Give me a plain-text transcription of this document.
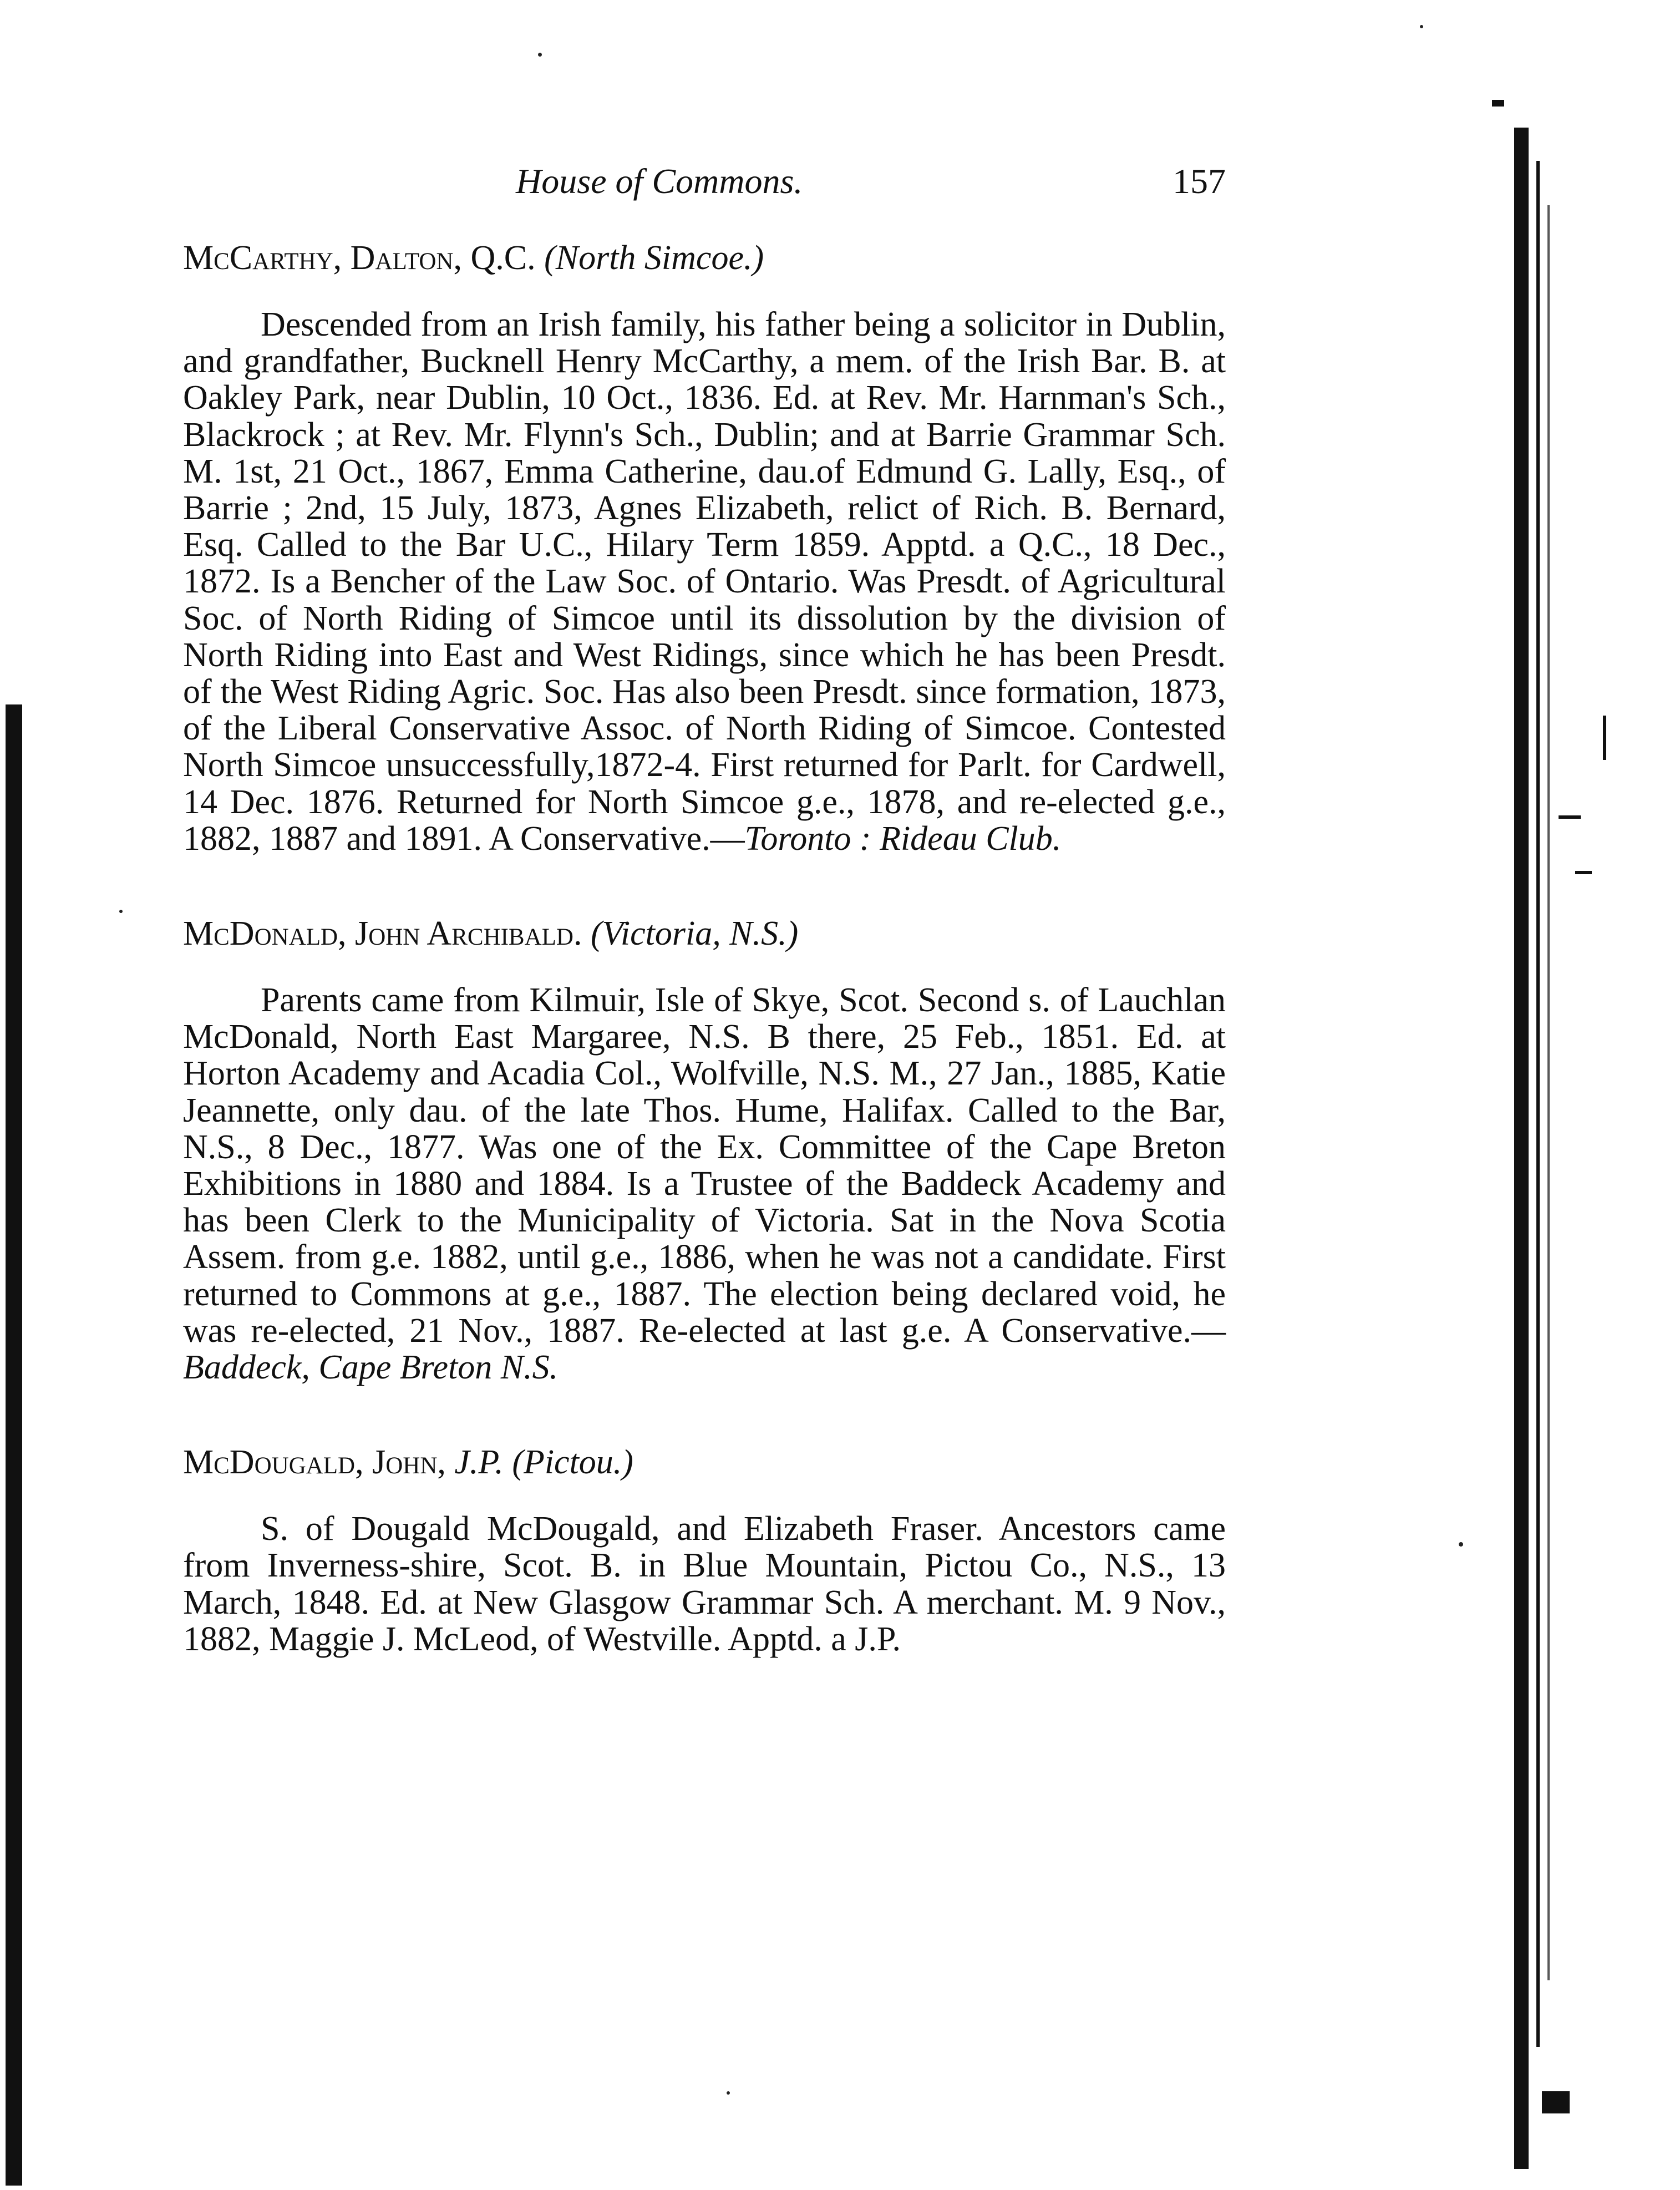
House of Commons.	157
McCarthy, Dalton, Q.C. (North Simcoe.)

Descended from an Irish family, his father being a solicitor in Dublin, and grandfather, Bucknell Henry McCarthy, a mem. of the Irish Bar. B. at Oakley Park, near Dublin, 10 Oct., 1836. Ed. at Rev. Mr. Harnman's Sch., Blackrock ; at Rev. Mr. Flynn's Sch., Dublin; and at Barrie Grammar Sch. M. 1st, 21 Oct., 1867, Emma Catherine, dau.of Edmund G. Lally, Esq., of Barrie ; 2nd, 15 July, 1873, Agnes Elizabeth, relict of Rich. B. Bernard, Esq. Called to the Bar U.C., Hilary Term 1859. Apptd. a Q.C., 18 Dec., 1872. Is a Bencher of the Law Soc. of Ontario. Was Presdt. of Agricultural Soc. of North Riding of Simcoe until its dissolution by the division of North Riding into East and West Ridings, since which he has been Presdt. of the West Riding Agric. Soc. Has also been Presdt. since formation, 1873, of the Liberal Conservative Assoc. of North Riding of Simcoe. Contested North Simcoe unsuccessfully,1872-4. First returned for Parlt. for Cardwell, 14 Dec. 1876. Returned for North Simcoe g.e., 1878, and re-elected g.e., 1882, 1887 and 1891. A Conservative.—Toronto : Rideau Club.

McDonald, John Archibald. (Victoria, N.S.)

Parents came from Kilmuir, Isle of Skye, Scot. Second s. of Lauchlan McDonald, North East Margaree, N.S. B there, 25 Feb., 1851. Ed. at Horton Academy and Acadia Col., Wolfville, N.S. M., 27 Jan., 1885, Katie Jeannette, only dau. of the late Thos. Hume, Halifax. Called to the Bar, N.S., 8 Dec., 1877. Was one of the Ex. Committee of the Cape Breton Exhibitions in 1880 and 1884. Is a Trustee of the Baddeck Academy and has been Clerk to the Municipality of Victoria. Sat in the Nova Scotia Assem. from g.e. 1882, until g.e., 1886, when he was not a candidate. First returned to Commons at g.e., 1887. The election being declared void, he was re-elected, 21 Nov., 1887. Re-elected at last g.e. A Conservative.—Baddeck, Cape Breton N.S.

McDougald, John, J.P. (Pictou.)

S. of Dougald McDougald, and Elizabeth Fraser. Ancestors came from Inverness-shire, Scot. B. in Blue Mountain, Pictou Co., N.S., 13 March, 1848. Ed. at New Glasgow Grammar Sch. A merchant. M. 9 Nov., 1882, Maggie J. McLeod, of Westville. Apptd. a J.P.
